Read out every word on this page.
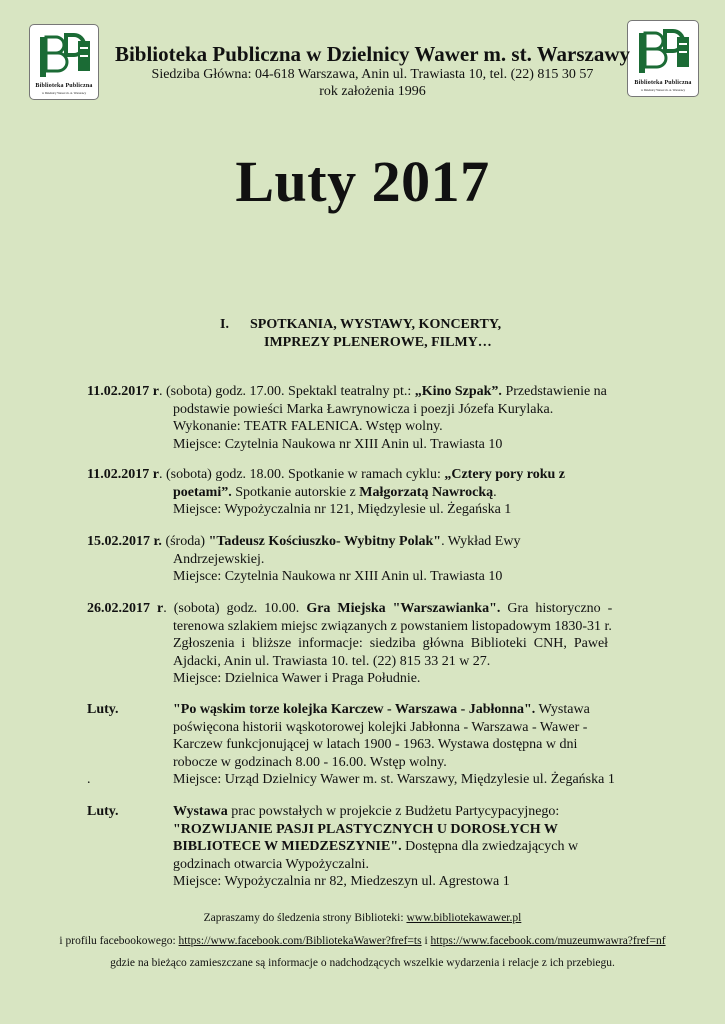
Biblioteka Publiczna
w Dzielnicy Wawer m. st. Warszawy
Biblioteka Publiczna
w Dzielnicy Wawer m. st. Warszawy
Biblioteka Publiczna w Dzielnicy Wawer m. st. Warszawy
Siedziba Główna: 04-618 Warszawa, Anin ul. Trawiasta 10, tel. (22) 815 30 57
rok założenia 1996
Luty 2017
I. SPOTKANIA, WYSTAWY, KONCERTY,
IMPREZY PLENEROWE, FILMY…
11.02.2017 r. (sobota) godz. 17.00. Spektakl teatralny pt.: „Kino Szpak”. Przedstawienie na
podstawie powieści Marka Ławrynowicza i poezji Józefa Kurylaka.
Wykonanie: TEATR FALENICA. Wstęp wolny.
Miejsce: Czytelnia Naukowa nr XIII Anin ul. Trawiasta 10
11.02.2017 r. (sobota) godz. 18.00. Spotkanie w ramach cyklu: „Cztery pory roku z
poetami”. Spotkanie autorskie z Małgorzatą Nawrocką.
Miejsce: Wypożyczalnia nr 121, Międzylesie ul. Żegańska 1
15.02.2017 r. (środa) "Tadeusz Kościuszko- Wybitny Polak". Wykład Ewy
Andrzejewskiej.
Miejsce: Czytelnia Naukowa nr XIII Anin ul. Trawiasta 10
26.02.2017 r.  (sobota)  godz.  10.00.  Gra  Miejska  "Warszawianka".  Gra  historyczno  -
terenowa szlakiem miejsc związanych z powstaniem listopadowym 1830-31 r.
Zgłoszenia  i  bliższe  informacje:  siedziba  główna  Biblioteki  CNH,  Paweł
Ajdacki, Anin ul. Trawiasta 10. tel. (22) 815 33 21 w 27.
Miejsce: Dzielnica Wawer i Praga Południe.
Luty.	"Po wąskim torze kolejka Karczew - Warszawa - Jabłonna". Wystawa
poświęcona historii wąskotorowej kolejki Jabłonna - Warszawa - Wawer -
Karczew funkcjonującej w latach 1900 - 1963. Wystawa dostępna w dni
robocze w godzinach 8.00 - 16.00. Wstęp wolny.
.	Miejsce: Urząd Dzielnicy Wawer m. st. Warszawy, Międzylesie ul. Żegańska 1
Luty.	Wystawa prac powstałych w projekcie z Budżetu Partycypacyjnego:
"ROZWIJANIE PASJI PLASTYCZNYCH U DOROSŁYCH W
BIBLIOTECE W MIEDZESZYNIE". Dostępna dla zwiedzających w
godzinach otwarcia Wypożyczalni.
Miejsce: Wypożyczalnia nr 82, Miedzeszyn ul. Agrestowa 1
Zapraszamy do śledzenia strony Biblioteki: www.bibliotekawawer.pl
i profilu facebookowego: https://www.facebook.com/BibliotekaWawer?fref=ts i https://www.facebook.com/muzeumwawra?fref=nf
gdzie na bieżąco zamieszczane są informacje o nadchodzących wszelkie wydarzenia i relacje z ich przebiegu.
